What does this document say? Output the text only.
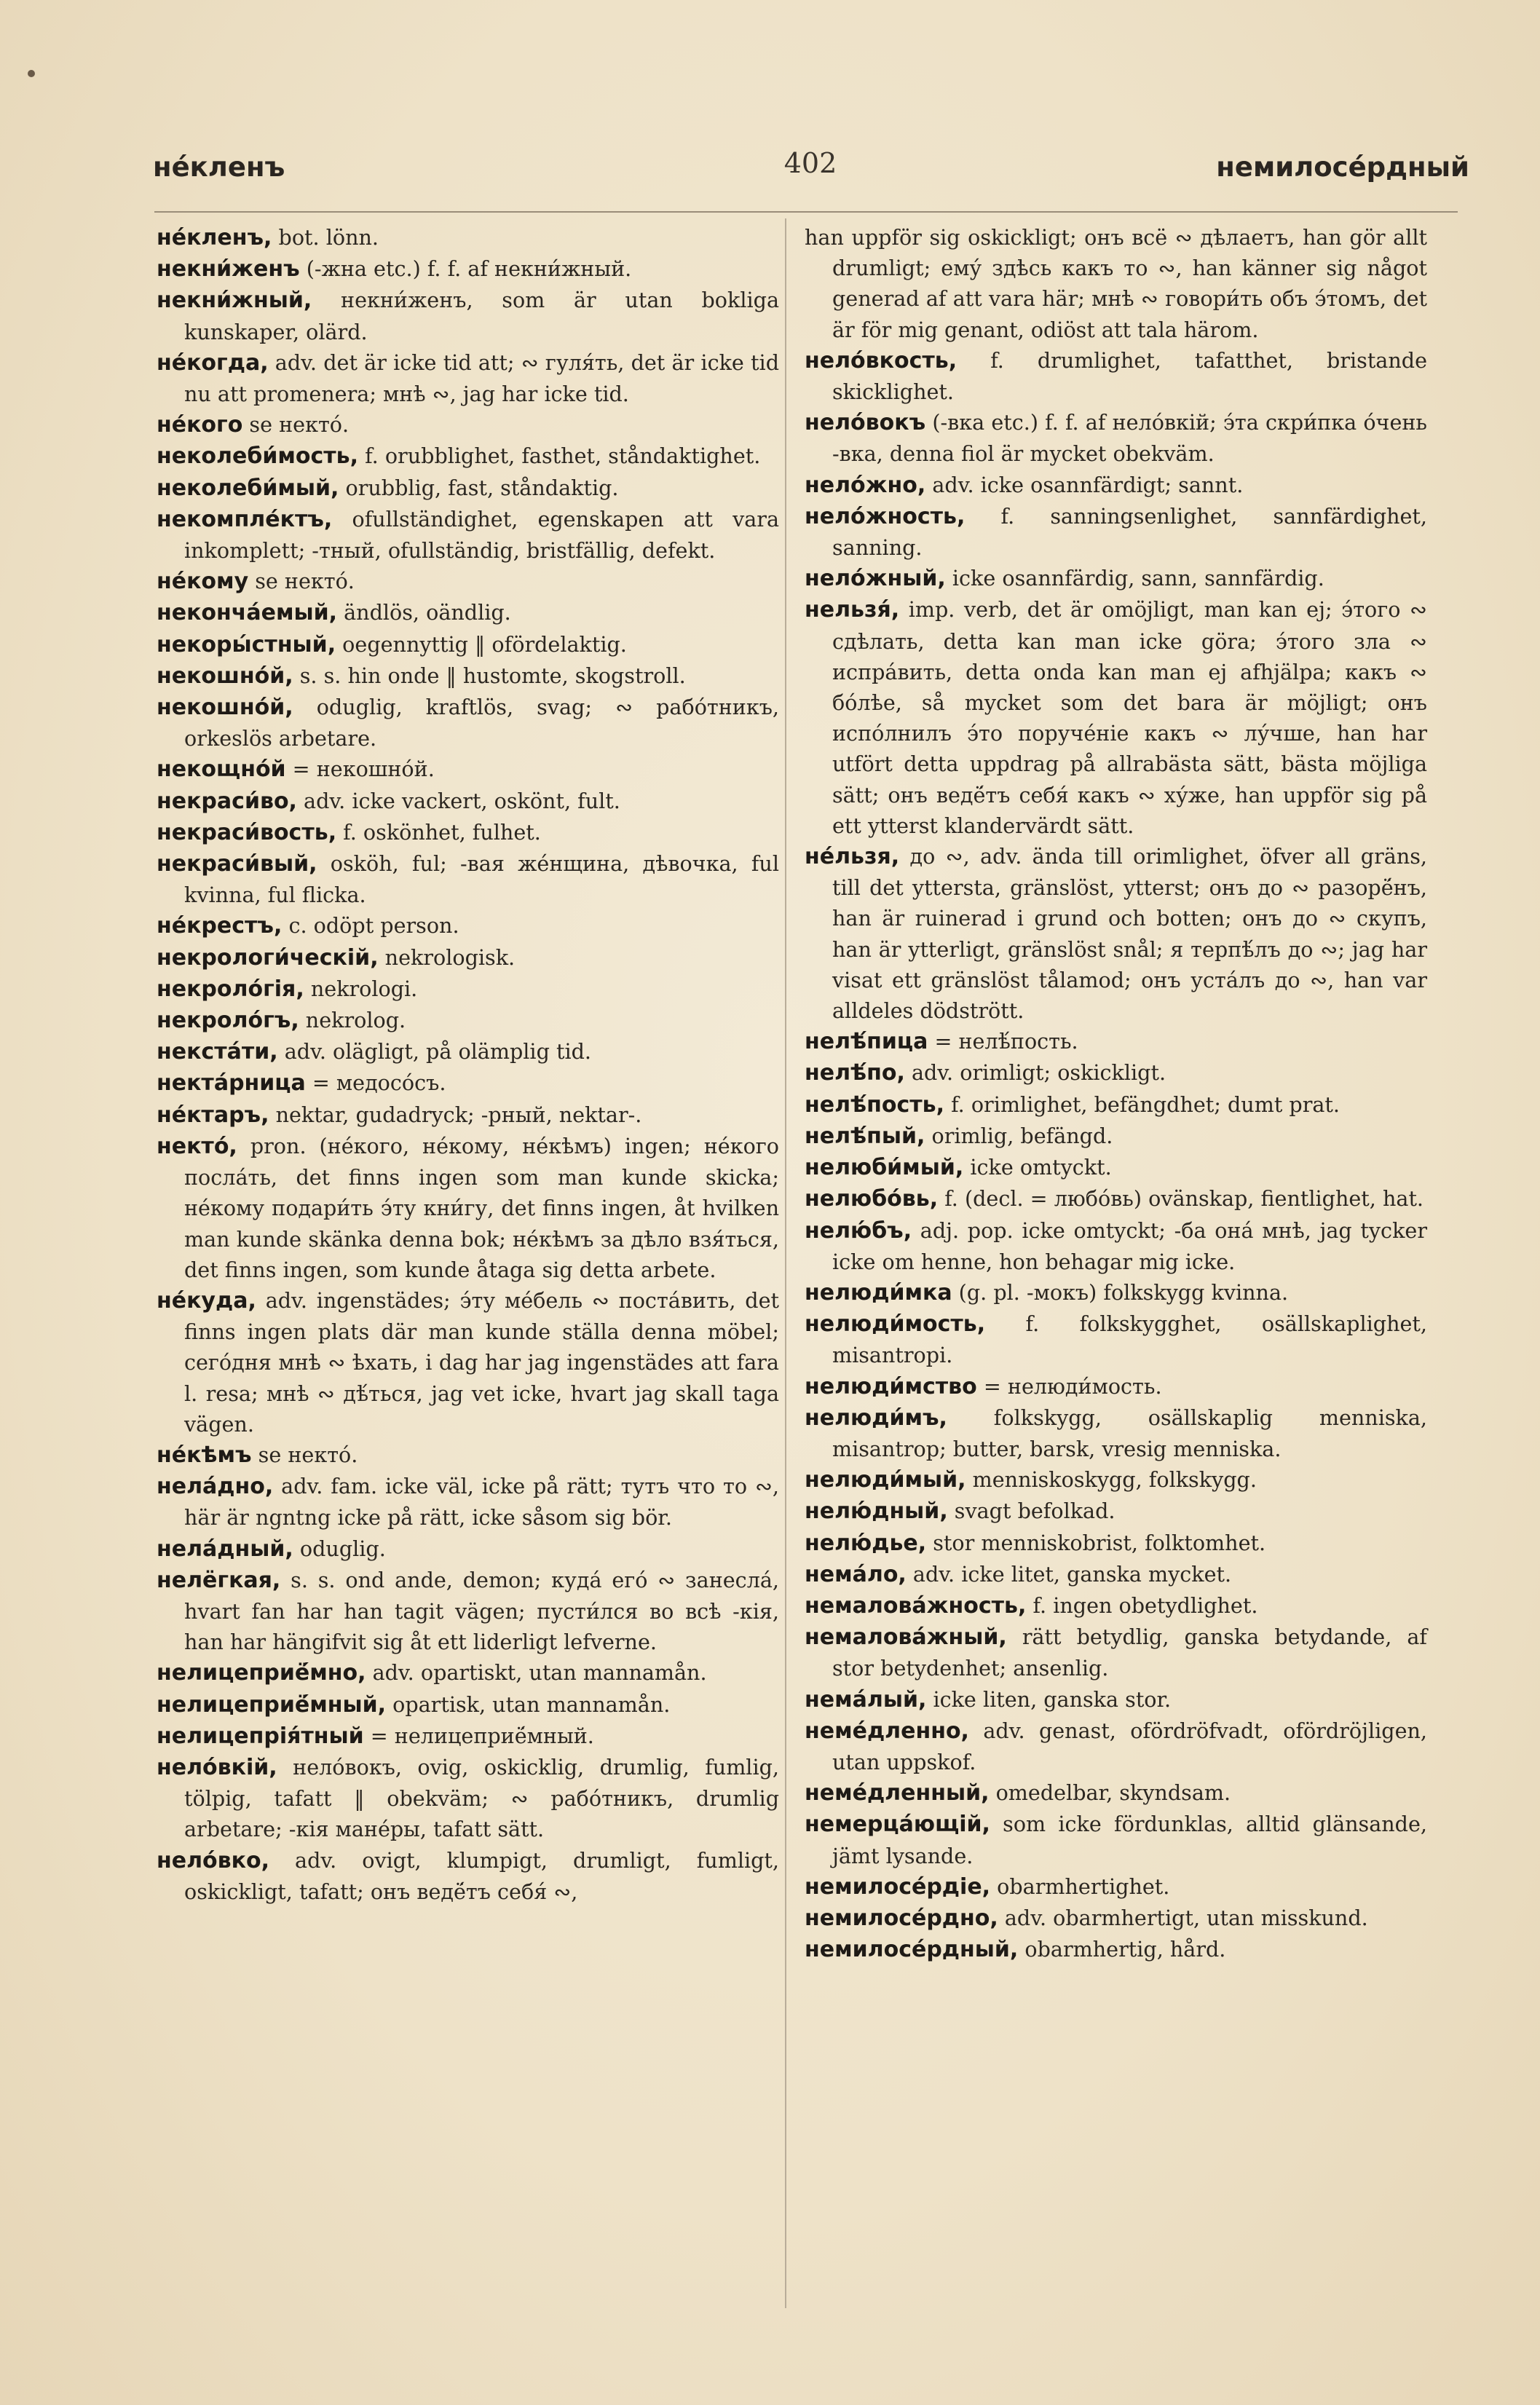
не́кленъ	402	немилосе́рдный
не́кленъ, bot. lönn.
некни́женъ (-жна etc.) f. f. af некни́жный.
некни́жный, некни́женъ, som är utan bokliga kunskaper, olärd.
не́когда, adv. det är icke tid att; ∾ гуля́ть, det är icke tid nu att promenera; мнѣ ∾, jag har icke tid.
не́кого se некто́.
неколеби́мость, f. orubblighet, fasthet, ståndaktighet.
неколеби́мый, orubblig, fast, ståndaktig.
некомпле́ктъ, ofullständighet, egenskapen att vara inkomplett; -тный, ofullständig, bristfällig, defekt.
не́кому se некто́.
некончáемый, ändlös, oändlig.
некоры́стный, oegennyttig ‖ ofördelaktig.
некошно́й, s. s. hin onde ‖ hustomte, skogstroll.
некошно́й, oduglig, kraftlös, svag; ∾ рабóтникъ, orkeslös arbetare.
некощно́й = некошно́й.
некраси́во, adv. icke vackert, oskönt, fult.
некраси́вость, f. oskönhet, fulhet.
некраси́вый, osköh, ful; -вая жéнщина, дѣвочка, ful kvinna, ful flicka.
не́крестъ, c. odöpt person.
некрологи́ческiй, nekrologisk.
некроло́гiя, nekrologi.
некроло́гъ, nekrolog.
некстáти, adv. olägligt, på olämplig tid.
нектáрница = медосóсъ.
не́ктаръ, nektar, gudadryck; -рный, nektar-.
некто́, pron. (не́кого, не́кому, не́кѣмъ) ingen; не́кого послáть, det finns ingen som man kunde skicka; не́кому подари́ть э́ту кни́гу, det finns ingen, åt hvilken man kunde skänka denna bok; не́кѣмъ за дѣло взя́ться, det finns ingen, som kunde åtaga sig detta arbete.
не́куда, adv. ingenstädes; э́ту мéбель ∾ постáвить, det finns ingen plats där man kunde ställa denna möbel; сегóдня мнѣ ∾ ѣхать, i dag har jag ingenstädes att fara l. resa; мнѣ ∾ дѣ́ться, jag vet icke, hvart jag skall taga vägen.
не́кѣмъ se некто́.
нелáдно, adv. fam. icke väl, icke på rätt; тутъ что то ∾, här är ngntng icke på rätt, icke såsom sig bör.
нелáдный, oduglig.
нелёгкая, s. s. ond ande, demon; кудá егó ∾ занеслá, hvart fan har han tagit vägen; пусти́лся во всѣ -кiя, han har hängifvit sig åt ett liderligt lefverne.
нелицеприё́мно, adv. opartiskt, utan mannamån.
нелицеприё́мный, opartisk, utan mannamån.
нелицепрiя́тный = нелицеприё́мный.
нело́вкiй, нело́вокъ, ovig, oskicklig, drumlig, fumlig, tölpig, tafatt ‖ obekväm; ∾ рабóтникъ, drumlig arbetare; -кiя манéры, tafatt sätt.
нело́вко, adv. ovigt, klumpigt, drumligt, fumligt, oskickligt, tafatt; онъ ведё́тъ себя́ ∾,
han uppför sig oskickligt; онъ всё ∾ дѣлаетъ, han gör allt drumligt; ему́ здѣсь какъ то ∾, han känner sig något generad af att vara här; мнѣ ∾ говори́ть объ э́томъ, det är för mig genant, odiöst att tala härom.
нело́вкость, f. drumlighet, tafatthet, bristande skicklighet.
нело́вокъ (-вка etc.) f. f. af нело́вкiй; э́та скри́пка óчень -вка, denna fiol är mycket obekväm.
нело́жно, adv. icke osannfärdigt; sannt.
нело́жность, f. sanningsenlighet, sannfärdighet, sanning.
нело́жный, icke osannfärdig, sann, sannfärdig.
нельзя́, imp. verb, det är omöjligt, man kan ej; э́того ∾ сдѣлать, detta kan man icke göra; э́того зла ∾ испрáвить, detta onda kan man ej afhjälpa; какъ ∾ бóлѣе, så mycket som det bara är möjligt; онъ испóлнилъ э́то поручéнiе какъ ∾ лу́чше, han har utfört detta uppdrag på allrabästa sätt, bästa möjliga sätt; онъ ведё́тъ себя́ какъ ∾ ху́же, han uppför sig på ett ytterst klandervärdt sätt.
не́льзя, до ∾, adv. ända till orimlighet, öfver all gräns, till det yttersta, gränslöst, ytterst; онъ до ∾ разорё́нъ, han är ruinerad i grund och botten; онъ до ∾ скупъ, han är ytterligt, gränslöst snål; я терпѣ́лъ до ∾; jag har visat ett gränslöst tålamod; онъ устáлъ до ∾, han var alldeles dödstrött.
нелѣ́пица = нелѣ́пость.
нелѣ́по, adv. orimligt; oskickligt.
нелѣ́пость, f. orimlighet, befängdhet; dumt prat.
нелѣ́пый, orimlig, befängd.
нелюби́мый, icke omtyckt.
нелюбо́вь, f. (decl. = любо́вь) ovänskap, fientlighet, hat.
нелю́бъ, adj. pop. icke omtyckt; -ба онá мнѣ, jag tycker icke om henne, hon behagar mig icke.
нелюди́мка (g. pl. -мокъ) folkskygg kvinna.
нелюди́мость, f. folkskygghet, osällskaplighet, misantropi.
нелюди́мство = нелюди́мость.
нелюди́мъ, folkskygg, osällskaplig menniska, misantrop; butter, barsk, vresig menniska.
нелюди́мый, menniskoskygg, folkskygg.
нелю́дный, svagt befolkad.
нелю́дье, stor menniskobrist, folktomhet.
немáло, adv. icke litet, ganska mycket.
немаловáжность, f. ingen obetydlighet.
немаловáжный, rätt betydlig, ganska betydande, af stor betydenhet; ansenlig.
немáлый, icke liten, ganska stor.
немéдленно, adv. genast, ofördröfvadt, ofördröjligen, utan uppskof.
немéдленный, omedelbar, skyndsam.
немерцáющiй, som icke fördunklas, alltid glänsande, jämt lysande.
немилосéрдiе, obarmhertighet.
немилосéрдно, adv. obarmhertigt, utan misskund.
немилосéрдный, obarmhertig, hård.
